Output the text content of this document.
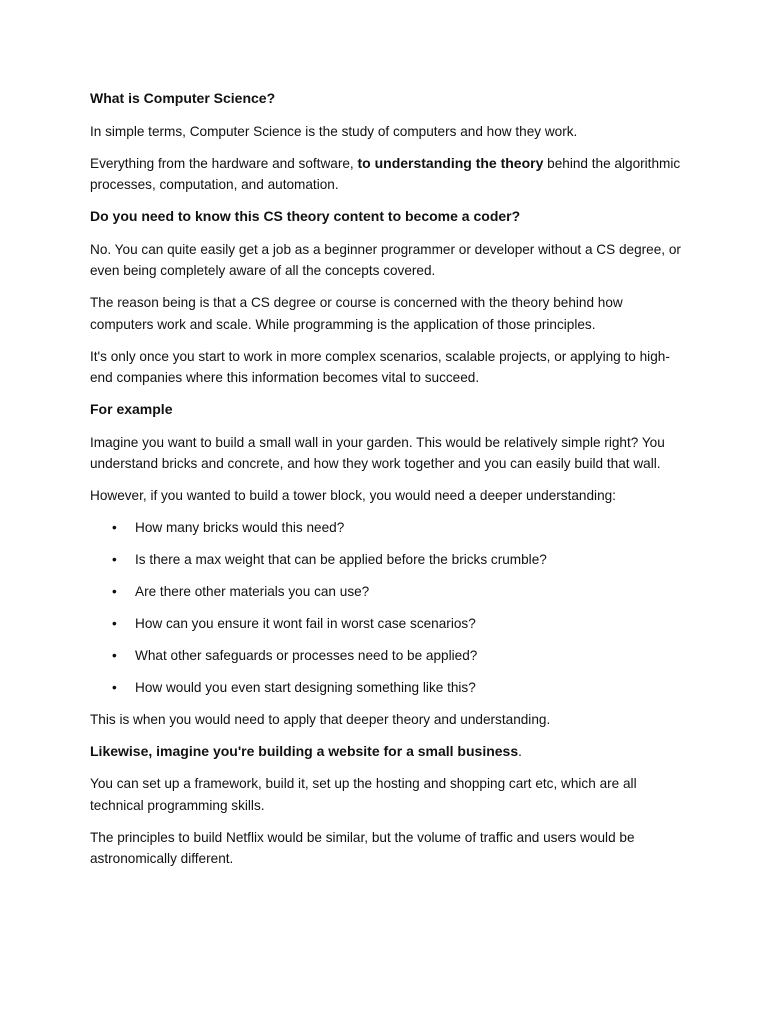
What is Computer Science?

In simple terms, Computer Science is the study of computers and how they work.

Everything from the hardware and software, to understanding the theory behind the algorithmic processes, computation, and automation.

Do you need to know this CS theory content to become a coder?

No. You can quite easily get a job as a beginner programmer or developer without a CS degree, or even being completely aware of all the concepts covered.

The reason being is that a CS degree or course is concerned with the theory behind how computers work and scale. While programming is the application of those principles.

It's only once you start to work in more complex scenarios, scalable projects, or applying to high-end companies where this information becomes vital to succeed.

For example

Imagine you want to build a small wall in your garden. This would be relatively simple right? You understand bricks and concrete, and how they work together and you can easily build that wall.

However, if you wanted to build a tower block, you would need a deeper understanding:

• How many bricks would this need?
• Is there a max weight that can be applied before the bricks crumble?
• Are there other materials you can use?
• How can you ensure it wont fail in worst case scenarios?
• What other safeguards or processes need to be applied?
• How would you even start designing something like this?

This is when you would need to apply that deeper theory and understanding.

Likewise, imagine you're building a website for a small business.

You can set up a framework, build it, set up the hosting and shopping cart etc, which are all technical programming skills.

The principles to build Netflix would be similar, but the volume of traffic and users would be astronomically different.
